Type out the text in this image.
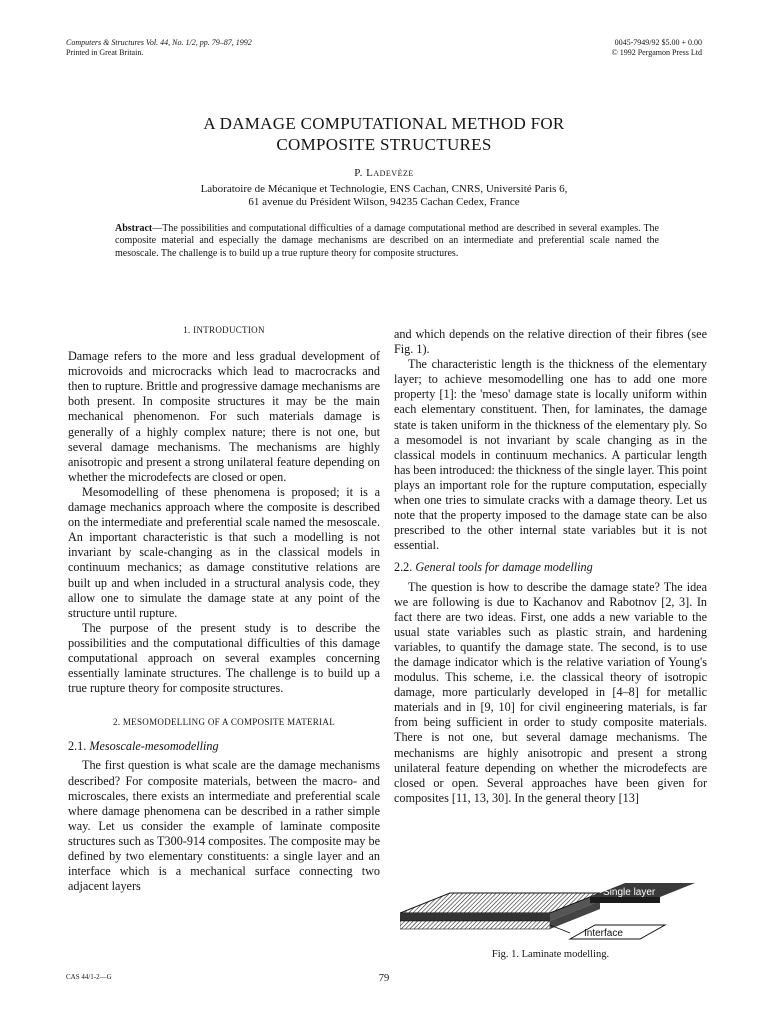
Computers & Structures Vol. 44, No. 1/2, pp. 79–87, 1992
Printed in Great Britain.
0045-7949/92 $5.00 + 0.00
© 1992 Pergamon Press Ltd
A DAMAGE COMPUTATIONAL METHOD FOR
COMPOSITE STRUCTURES
P. Ladevèze
Laboratoire de Mécanique et Technologie, ENS Cachan, CNRS, Université Paris 6,
61 avenue du Président Wilson, 94235 Cachan Cedex, France
Abstract—The possibilities and computational difficulties of a damage computational method are described in several examples. The composite material and especially the damage mechanisms are described on an intermediate and preferential scale named the mesoscale. The challenge is to build up a true rupture theory for composite structures.
1. INTRODUCTION

Damage refers to the more and less gradual development of microvoids and microcracks which lead to macrocracks and then to rupture. Brittle and progressive damage mechanisms are both present. In composite structures it may be the main mechanical phenomenon. For such materials damage is generally of a highly complex nature; there is not one, but several damage mechanisms. The mechanisms are highly anisotropic and present a strong unilateral feature depending on whether the microdefects are closed or open.

Mesomodelling of these phenomena is proposed; it is a damage mechanics approach where the composite is described on the intermediate and preferential scale named the mesoscale. An important characteristic is that such a modelling is not invariant by scale-changing as in the classical models in continuum mechanics; as damage constitutive relations are built up and when included in a structural analysis code, they allow one to simulate the damage state at any point of the structure until rupture.

The purpose of the present study is to describe the possibilities and the computational difficulties of this damage computational approach on several examples concerning essentially laminate structures. The challenge is to build up a true rupture theory for composite structures.

2. MESOMODELLING OF A COMPOSITE MATERIAL
2.1. Mesoscale-mesomodelling

The first question is what scale are the damage mechanisms described? For composite materials, between the macro- and microscales, there exists an intermediate and preferential scale where damage phenomena can be described in a rather simple way. Let us consider the example of laminate composite structures such as T300-914 composites. The composite may be defined by two elementary constituents: a single layer and an interface which is a mechanical surface connecting two adjacent layers

and which depends on the relative direction of their fibres (see Fig. 1).

The characteristic length is the thickness of the elementary layer; to achieve mesomodelling one has to add one more property [1]: the 'meso' damage state is locally uniform within each elementary constituent. Then, for laminates, the damage state is taken uniform in the thickness of the elementary ply. So a mesomodel is not invariant by scale changing as in the classical models in continuum mechanics. A particular length has been introduced: the thickness of the single layer. This point plays an important role for the rupture computation, especially when one tries to simulate cracks with a damage theory. Let us note that the property imposed to the damage state can be also prescribed to the other internal state variables but it is not essential.

2.2. General tools for damage modelling

The question is how to describe the damage state? The idea we are following is due to Kachanov and Rabotnov [2, 3]. In fact there are two ideas. First, one adds a new variable to the usual state variables such as plastic strain, and hardening variables, to quantify the damage state. The second, is to use the damage indicator which is the relative variation of Young's modulus. This scheme, i.e. the classical theory of isotropic damage, more particularly developed in [4–8] for metallic materials and in [9, 10] for civil engineering materials, is far from being sufficient in order to study composite materials. There is not one, but several damage mechanisms. The mechanisms are highly anisotropic and present a strong unilateral feature depending on whether the microdefects are closed or open. Several approaches have been given for composites [11, 13, 30]. In the general theory [13]

Single layer
Interface
Fig. 1. Laminate modelling.
CAS 44/1-2—G	79
